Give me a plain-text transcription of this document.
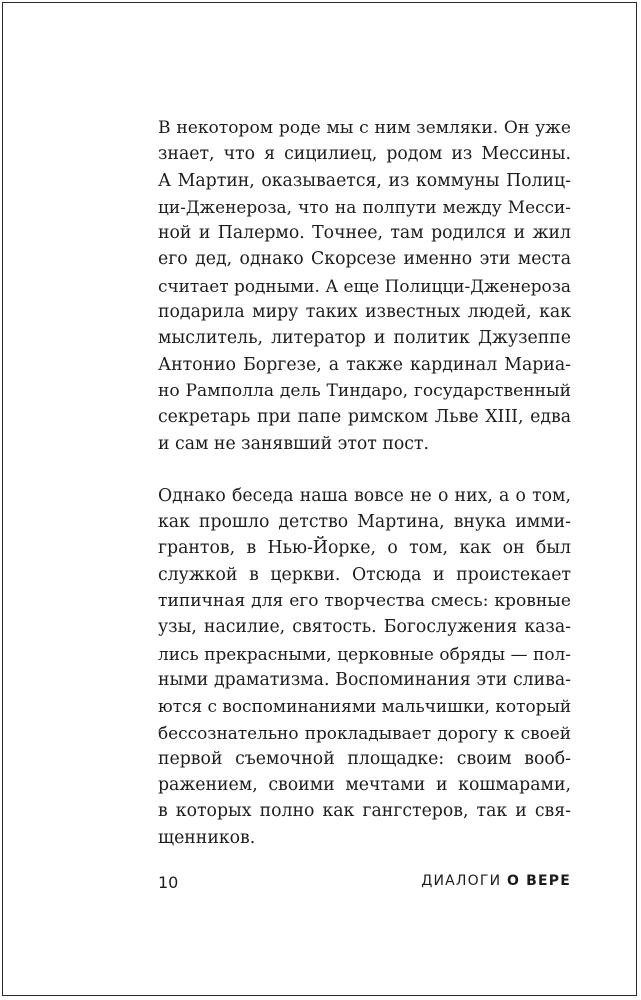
В некотором роде мы с ним земляки. Он уже
знает, что я сицилиец, родом из Мессины.
А Мартин, оказывается, из коммуны Полиц-
ци-Дженероза, что на полпути между Месси-
ной и Палермо. Точнее, там родился и жил
его дед, однако Скорсезе именно эти места
считает родными. А еще Полицци-Дженероза
подарила миру таких известных людей, как
мыслитель, литератор и политик Джузеппе
Антонио Боргезе, а также кардинал Мариа-
но Рамполла дель Тиндаро, государственный
секретарь при папе римском Льве XIII, едва
и сам не занявший этот пост.
Однако беседа наша вовсе не о них, а о том,
как прошло детство Мартина, внука имми-
грантов, в Нью-Йорке, о том, как он был
служкой в церкви. Отсюда и проистекает
типичная для его творчества смесь: кровные
узы, насилие, святость. Богослужения каза-
лись прекрасными, церковные обряды — пол-
ными драматизма. Воспоминания эти слива-
ются с воспоминаниями мальчишки, который
бессознательно прокладывает дорогу к своей
первой съемочной площадке: своим вооб-
ражением, своими мечтами и кошмарами,
в которых полно как гангстеров, так и свя-
щенников.
10	ДИАЛОГИ О ВЕРЕ
